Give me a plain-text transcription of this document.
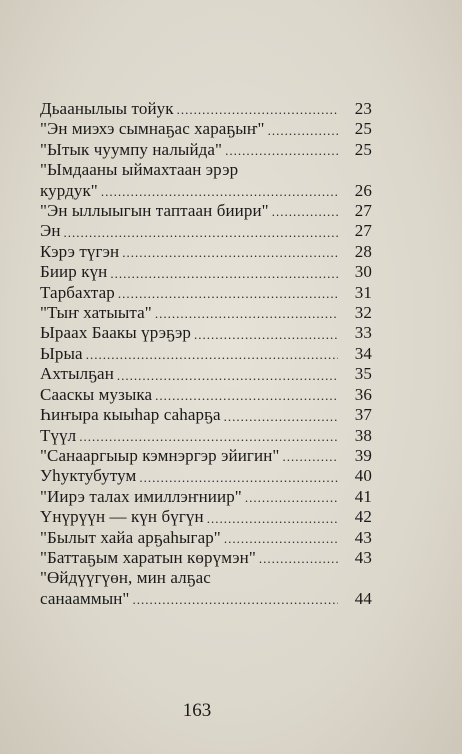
Дьаанылыы тойук .....	23
"Эн миэхэ сымнаҕас хараҕыҥ" .....	25
"Ытык чуумпу налыйда" .....	25
"Ымдааны ыймахтаан эрэр
курдук" .....	26
"Эн ыллыыгын таптаан биири" .....	27
Эн .....	27
Кэрэ түгэн .....	28
Биир күн .....	30
Тарбахтар .....	31
"Тыҥ хатыыта" .....	32
Ыраах Баакы үрэҕэр .....	33
Ырыа .....	34
Ахтылҕан .....	35
Сааскы музыка .....	36
Һиҥыра кыыһар саһарҕа .....	37
Түүл .....	38
"Санааргыыр кэмнэргэр эйигин" .....	39
Уһуктубутум .....	40
"Иирэ талах имиллэҥниир" .....	41
Үнүрүүн — күн бүгүн .....	42
"Былыт хайа арҕаһыгар" .....	43
"Баттаҕым харатын көрүмэн" .....	43
"Өйдүүгүөн, мин алҕас
санааммын" .....	44
163
